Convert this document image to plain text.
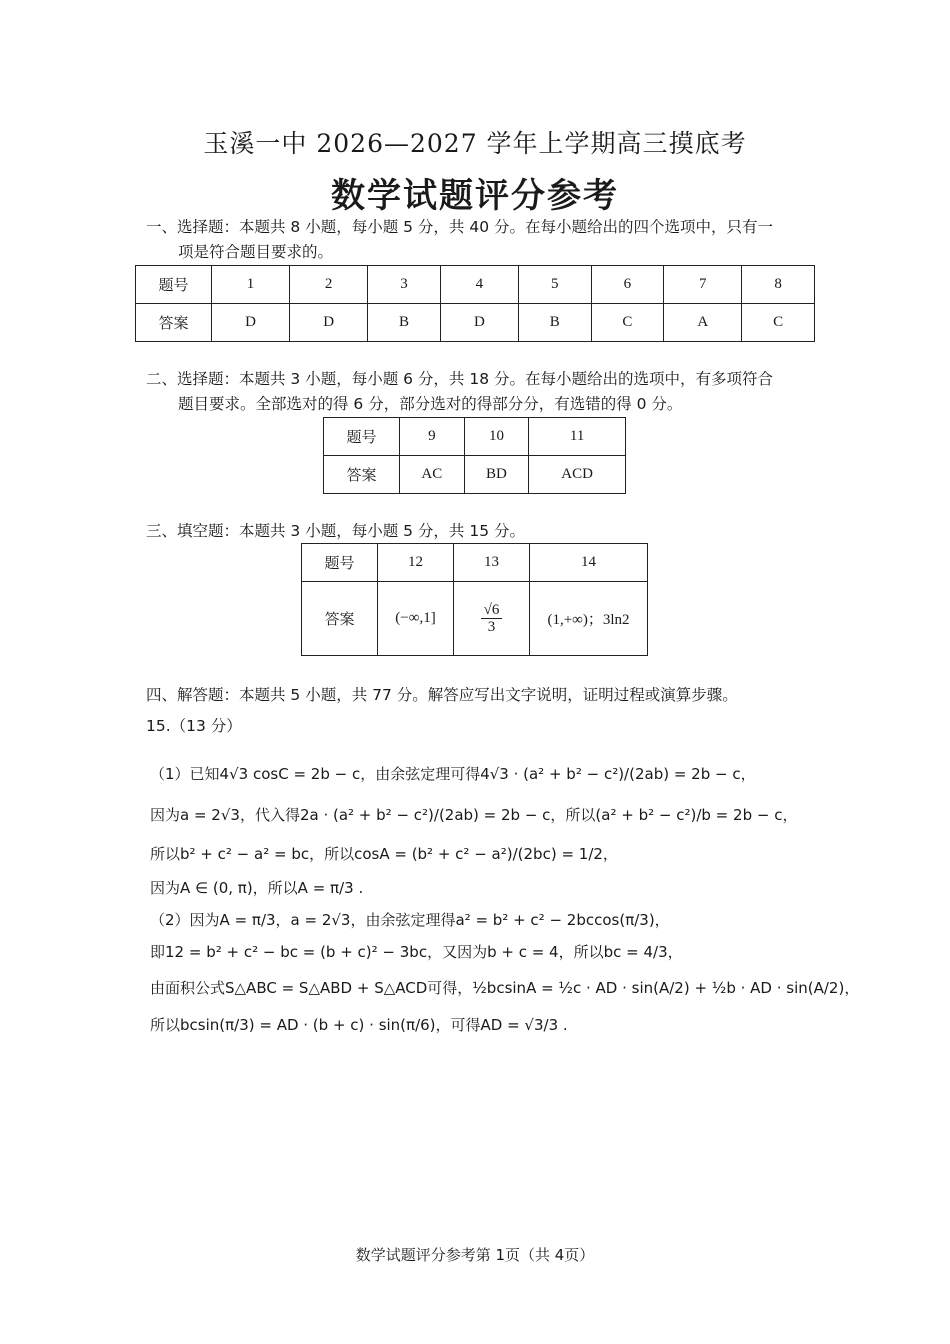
玉溪一中 2026—2027 学年上学期高三摸底考
数学试题评分参考
一、选择题：本题共 8 小题，每小题 5 分，共 40 分。在每小题给出的四个选项中，只有一
项是符合题目要求的。
题号	1	2	3	4	5	6	7	8
答案	D	D	B	D	B	C	A	C
二、选择题：本题共 3 小题，每小题 6 分，共 18 分。在每小题给出的选项中，有多项符合
题目要求。全部选对的得 6 分，部分选对的得部分分，有选错的得 0 分。
题号	9	10	11
答案	AC	BD	ACD
三、填空题：本题共 3 小题，每小题 5 分，共 15 分。
题号	12	13	14
答案	(−∞,1]	$\frac{√6}{3}$	(1,+∞)；3ln2
四、解答题：本题共 5 小题，共 77 分。解答应写出文字说明，证明过程或演算步骤。
15.（13 分）
（1）已知4√3 cosC = 2b − c，由余弦定理可得4√3 · (a² + b² − c²)/(2ab) = 2b − c，
因为a = 2√3，代入得2a · (a² + b² − c²)/(2ab) = 2b − c，所以(a² + b² − c²)/b = 2b − c，
所以b² + c² − a² = bc，所以cosA = (b² + c² − a²)/(2bc) = 1/2，
因为A ∈ (0, π)，所以A = π/3 .
（2）因为A = π/3，a = 2√3，由余弦定理得a² = b² + c² − 2bccos(π/3)，
即12 = b² + c² − bc = (b + c)² − 3bc，又因为b + c = 4，所以bc = 4/3，
由面积公式S△ABC = S△ABD + S△ACD可得，½bcsinA = ½c · AD · sin(A/2) + ½b · AD · sin(A/2)，
所以bcsin(π/3) = AD · (b + c) · sin(π/6)，可得AD = √3/3 .
数学试题评分参考第 1页（共 4页）
